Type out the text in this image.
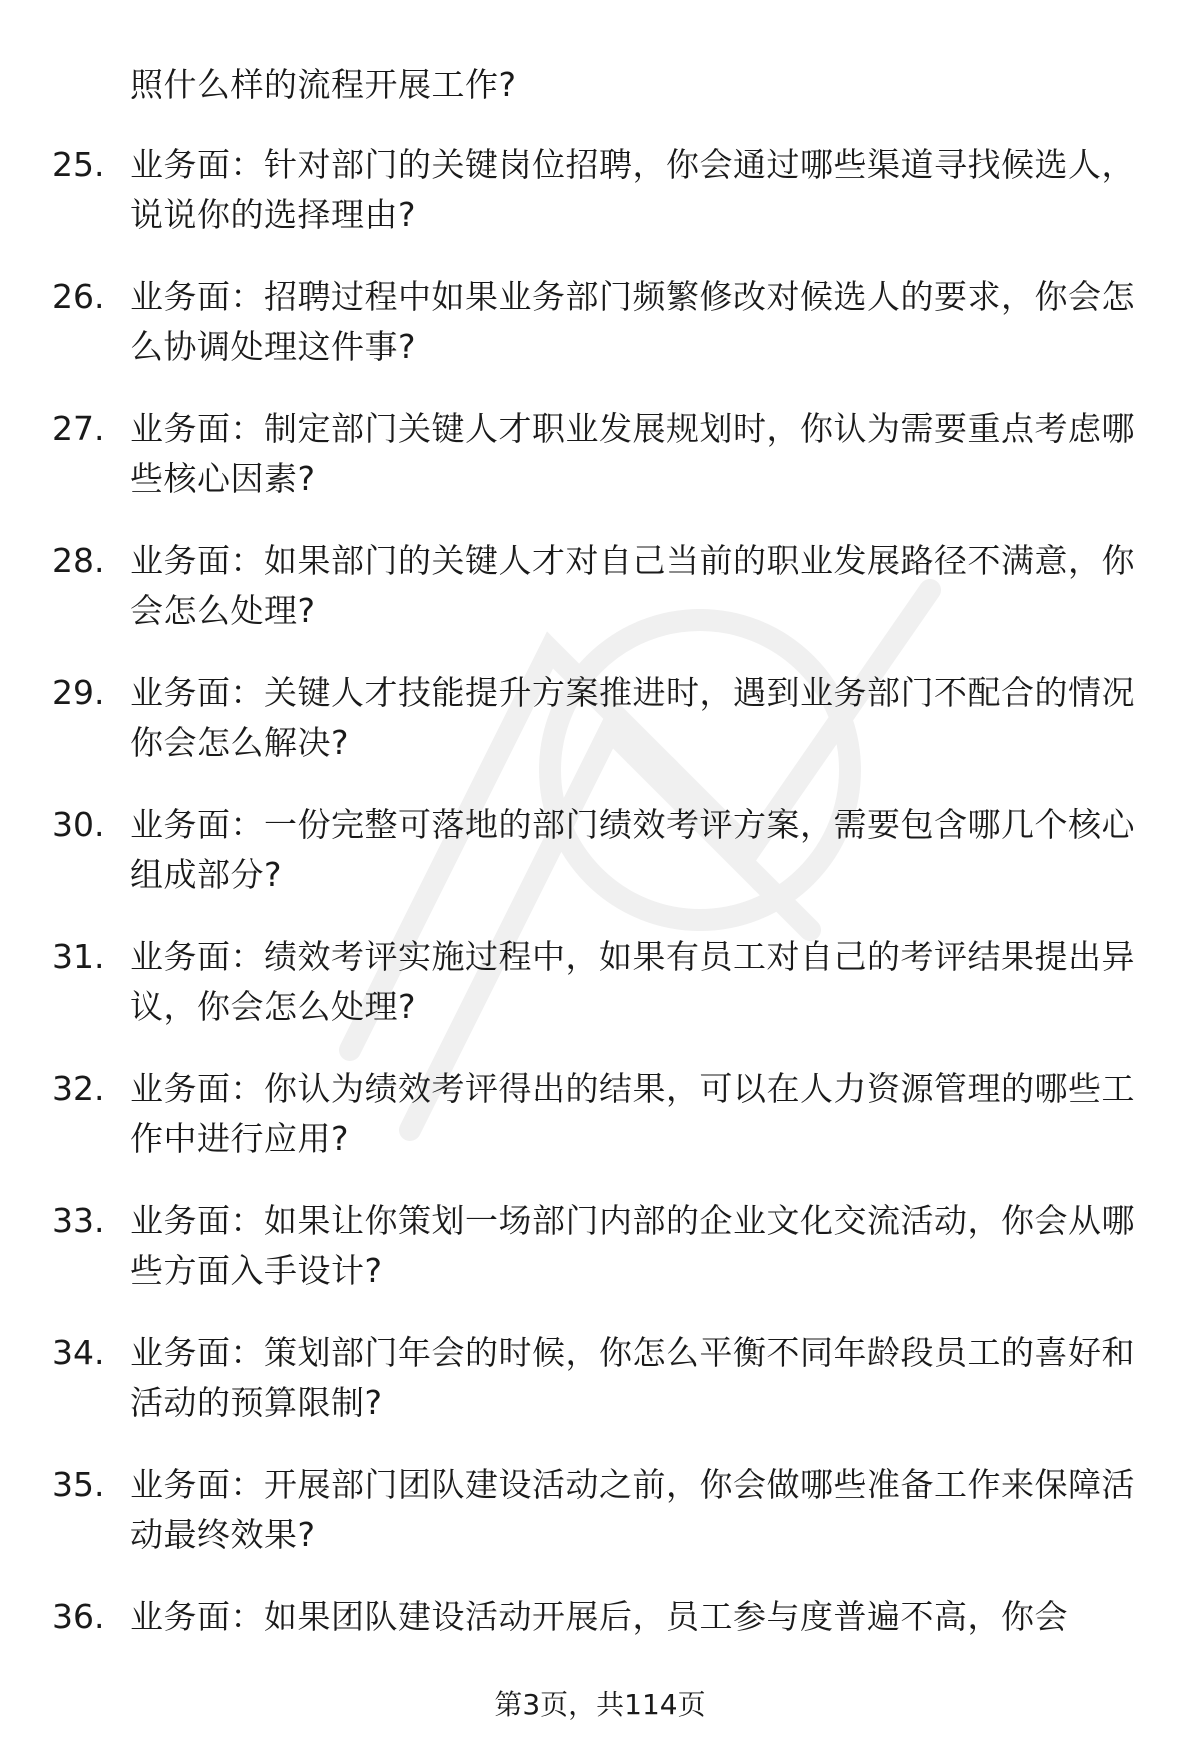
照什么样的流程开展工作?
25. 业务面：针对部门的关键岗位招聘，你会通过哪些渠道寻找候选人，说说你的选择理由?
26. 业务面：招聘过程中如果业务部门频繁修改对候选人的要求，你会怎么协调处理这件事?
27. 业务面：制定部门关键人才职业发展规划时，你认为需要重点考虑哪些核心因素?
28. 业务面：如果部门的关键人才对自己当前的职业发展路径不满意，你会怎么处理?
29. 业务面：关键人才技能提升方案推进时，遇到业务部门不配合的情况你会怎么解决?
30. 业务面：一份完整可落地的部门绩效考评方案，需要包含哪几个核心组成部分?
31. 业务面：绩效考评实施过程中，如果有员工对自己的考评结果提出异议，你会怎么处理?
32. 业务面：你认为绩效考评得出的结果，可以在人力资源管理的哪些工作中进行应用?
33. 业务面：如果让你策划一场部门内部的企业文化交流活动，你会从哪些方面入手设计?
34. 业务面：策划部门年会的时候，你怎么平衡不同年龄段员工的喜好和活动的预算限制?
35. 业务面：开展部门团队建设活动之前，你会做哪些准备工作来保障活动最终效果?
36. 业务面：如果团队建设活动开展后，员工参与度普遍不高，你会
第3页，共114页
